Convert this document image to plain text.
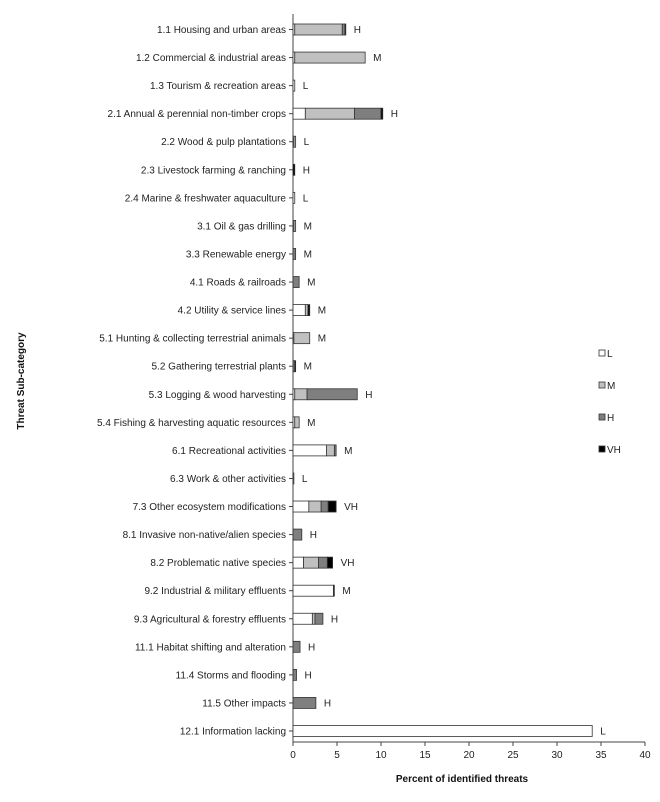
Threat Sub-category
Percent of identified threats
1.1 Housing and urban areas
1.2 Commercial & industrial areas
1.3 Tourism & recreation areas
2.1 Annual & perennial non-timber crops
2.2 Wood & pulp plantations
2.3 Livestock farming & ranching
2.4 Marine & freshwater aquaculture
3.1 Oil & gas drilling
3.3 Renewable energy
4.1 Roads & railroads
4.2 Utility & service lines
5.1 Hunting & collecting terrestrial animals
5.2 Gathering terrestrial plants
5.3 Logging & wood harvesting
5.4 Fishing & harvesting aquatic resources
6.1 Recreational activities
6.3 Work & other activities
7.3 Other ecosystem modifications
8.1 Invasive non-native/alien species
8.2 Problematic native species
9.2 Industrial & military effluents
9.3 Agricultural & forestry effluents
11.1 Habitat shifting and alteration
11.4 Storms and flooding
11.5 Other impacts
12.1 Information lacking
H
M
L
H
L
H
L
M
M
M
M
M
M
H
M
M
L
VH
H
VH
M
H
H
H
H
L
0	5	10	15	20	25	30	35	40
L
M
H
VH
